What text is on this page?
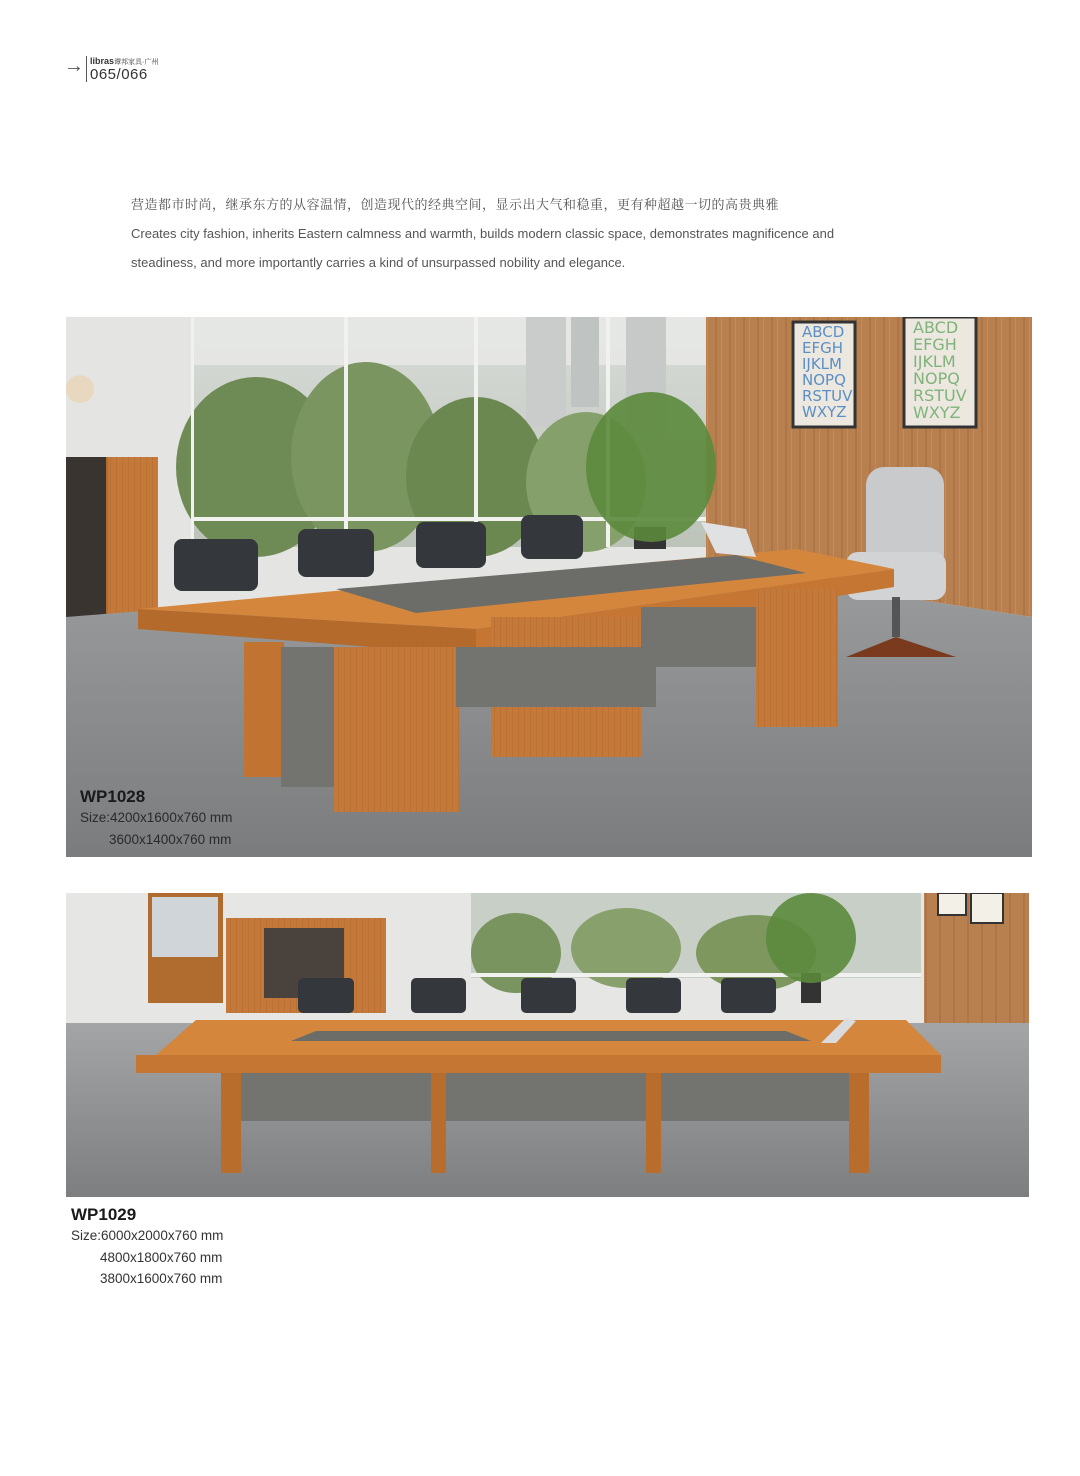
→ libras谭邦家具·广州
065/066

营造都市时尚，继承东方的从容温情，创造现代的经典空间，显示出大气和稳重，更有种超越一切的高贵典雅

Creates city fashion, inherits Eastern calmness and warmth, builds modern classic space, demonstrates magnificence and

steadiness, and more importantly carries a kind of unsurpassed nobility and elegance.

ABCD
EFGH
IJKLM
NOPQ
RSTUV
WXYZ
ABCD
EFGH
IJKLM
NOPQ
RSTUV
WXYZ
WP1028
Size:4200x1600x760 mm
3600x1400x760 mm
WP1029
Size:6000x2000x760 mm
4800x1800x760 mm
3800x1600x760 mm
